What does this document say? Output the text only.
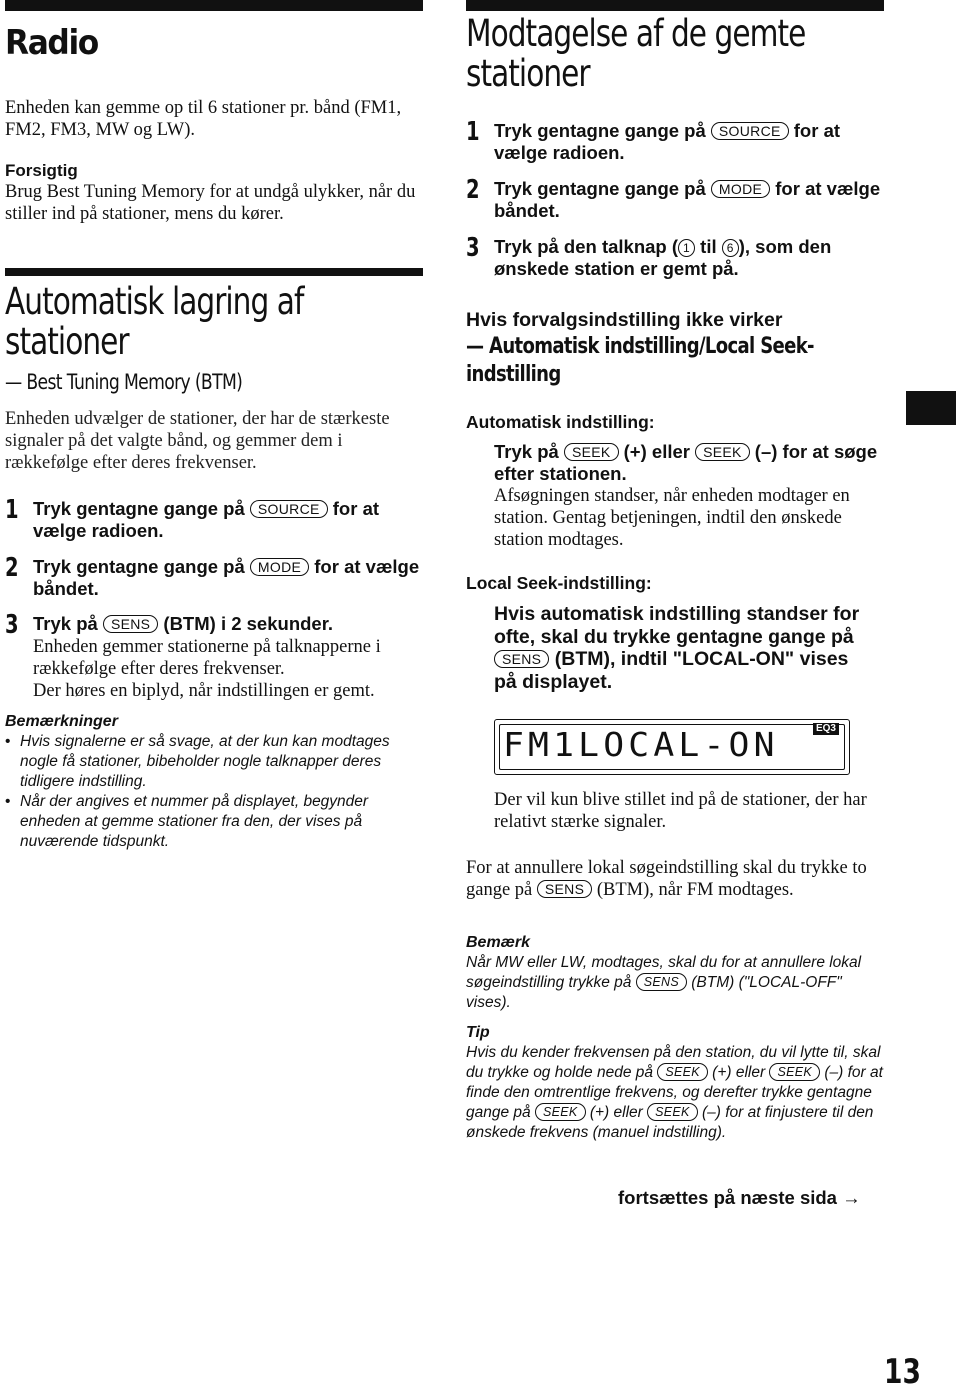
Radio

Enheden kan gemme op til 6 stationer pr. bånd (FM1, FM2, FM3, MW og LW).

Forsigtig

Brug Best Tuning Memory for at undgå ulykker, når du stiller ind på stationer, mens du kører.

Automatisk lagring af
stationer
— Best Tuning Memory (BTM)

Enheden udvælger de stationer, der har de stærkeste signaler på det valgte bånd, og gemmer dem i rækkefølge efter deres frekvenser.

1 Tryk gentagne gange på SOURCE for at vælge radioen.
2 Tryk gentagne gange på MODE for at vælge båndet.
3 Tryk på SENS (BTM) i 2 sekunder.
Enheden gemmer stationerne på talknapperne i rækkefølge efter deres frekvenser.
Der høres en biplyd, når indstillingen er gemt.
Bemærkninger
• Hvis signalerne er så svage, at der kun kan modtages nogle få stationer, bibeholder nogle talknapper deres tidligere indstilling.
• Når der angives et nummer på displayet, begynder enheden at gemme stationer fra den, der vises på nuværende tidspunkt.
Modtagelse af de gemte
stationer
1 Tryk gentagne gange på SOURCE for at vælge radioen.
2 Tryk gentagne gange på MODE for at vælge båndet.
3 Tryk på den talknap ( 1 til 6 ), som den ønskede station er gemt på.
Hvis forvalgsindstilling ikke virker
— Automatisk indstilling/Local Seek-
indstilling
Automatisk indstilling:
Tryk på SEEK (+) eller SEEK (–) for at søge efter stationen.

Afsøgningen standser, når enheden modtager en station. Gentag betjeningen, indtil den ønskede station modtages.

Local Seek-indstilling:
Hvis automatisk indstilling standser for ofte, skal du trykke gentagne gange på SENS (BTM), indtil "LOCAL-ON" vises på displayet.

Der vil kun blive stillet ind på de stationer, der har relativt stærke signaler.

For at annullere lokal søgeindstilling skal du trykke to gange på SENS (BTM), når FM modtages.

Bemærk
Når MW eller LW, modtages, skal du for at annullere lokal søgeindstilling trykke på SENS (BTM) ("LOCAL-OFF" vises).
Tip
Hvis du kender frekvensen på den station, du vil lytte til, skal du trykke og holde nede på SEEK (+) eller SEEK (–) for at finde den omtrentlige frekvens, og derefter trykke gentagne gange på SEEK (+) eller SEEK (–) for at finjustere til den ønskede frekvens (manuel indstilling).
fortsættes på næste sida →
FM1LOCAL-ON	EQ3
13
